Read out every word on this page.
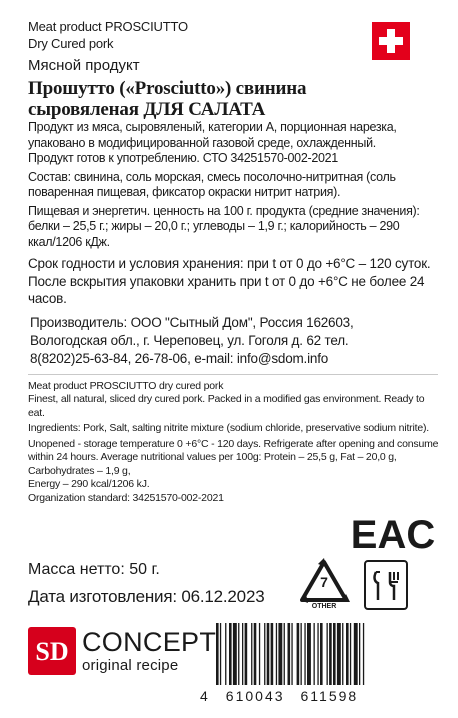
Meat product PROSCIUTTO
Dry Cured pork
Мясной продукт
Прошутто («Prosciutto») свинина
сыровяленая ДЛЯ САЛАТА
Продукт из мяса, сыровяленый, категории А, порционная нарезка, упаковано в модифицированной газовой среде, охлажденный.
Продукт готов к употреблению. СТО 34251570-002-2021
Состав: свинина, соль морская, смесь посолочно-нитритная (соль поваренная пищевая, фиксатор окраски нитрит натрия).
Пищевая и энергетич. ценность на 100 г. продукта (средние значения): белки – 25,5 г.; жиры – 20,0 г.; углеводы – 1,9 г.; калорийность – 290 ккал/1206 кДж.
Срок годности и условия хранения: при t от 0 до +6°С – 120 суток. После вскрытия упаковки хранить при t от 0 до +6°С не более 24 часов.
Производитель: ООО "Сытный Дом", Россия 162603,
Вологодская обл., г. Череповец, ул. Гоголя д. 62 тел.
8(8202)25-63-84, 26-78-06, e-mail: info@sdom.info
Meat product PROSCIUTTO dry cured pork
Finest, all natural, sliced dry cured pork. Packed in a modified gas environment. Ready to eat.
Ingredients: Pork, Salt, salting nitrite mixture (sodium chloride, preservative sodium nitrite).
Unopened - storage temperature 0 +6°C - 120 days. Refrigerate after opening and consume within 24 hours. Average nutritional values per 100g: Protein – 25,5 g, Fat – 20,0 g, Carbohydrates – 1,9 g,
Energy – 290 kcal/1206 kJ.
Organization standard: 34251570-002-2021
EAC
Масса нетто: 50 г.
Дата изготовления: 06.12.2023
7
OTHER
SD CONCEPT
original recipe
4 610043 611598
